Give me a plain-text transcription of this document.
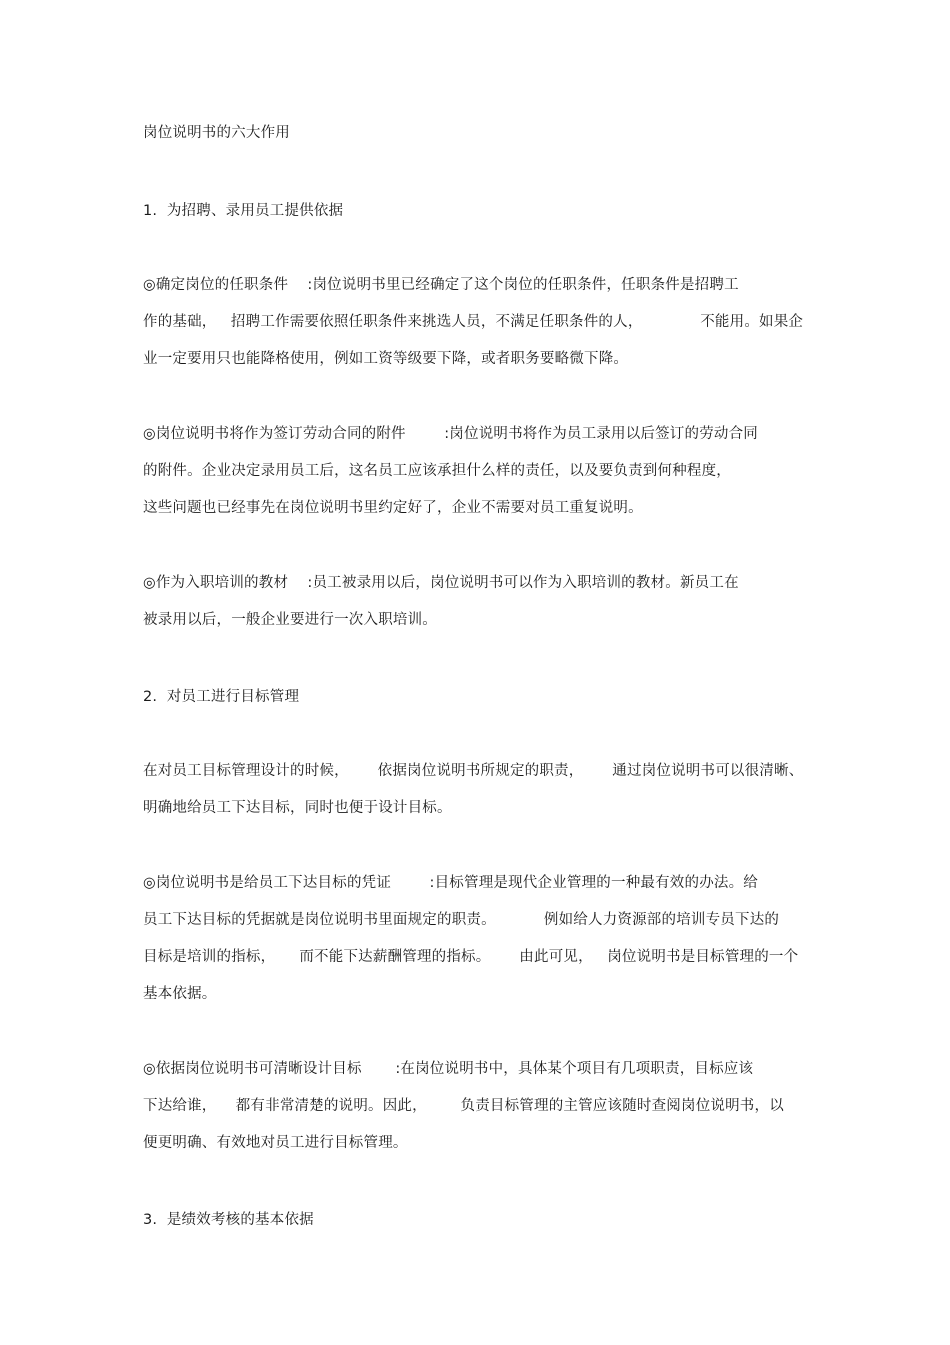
岗位说明书的六大作用
1.  为招聘、录用员工提供依据
◎确定岗位的任职条件    :岗位说明书里已经确定了这个岗位的任职条件，任职条件是招聘工
作的基础，   招聘工作需要依照任职条件来挑选人员，不满足任职条件的人，            不能用。如果企
业一定要用只也能降格使用，例如工资等级要下降，或者职务要略微下降。
◎岗位说明书将作为签订劳动合同的附件        :岗位说明书将作为员工录用以后签订的劳动合同
的附件。企业决定录用员工后，这名员工应该承担什么样的责任，以及要负责到何种程度，
这些问题也已经事先在岗位说明书里约定好了，企业不需要对员工重复说明。
◎作为入职培训的教材    :员工被录用以后，岗位说明书可以作为入职培训的教材。新员工在
被录用以后，一般企业要进行一次入职培训。
2.  对员工进行目标管理
在对员工目标管理设计的时候，      依据岗位说明书所规定的职责，      通过岗位说明书可以很清晰、
明确地给员工下达目标，同时也便于设计目标。
◎岗位说明书是给员工下达目标的凭证        :目标管理是现代企业管理的一种最有效的办法。给
员工下达目标的凭据就是岗位说明书里面规定的职责。          例如给人力资源部的培训专员下达的
目标是培训的指标，     而不能下达薪酬管理的指标。      由此可见，   岗位说明书是目标管理的一个
基本依据。
◎依据岗位说明书可清晰设计目标       :在岗位说明书中，具体某个项目有几项职责，目标应该
下达给谁，    都有非常清楚的说明。因此，       负责目标管理的主管应该随时查阅岗位说明书，以
便更明确、有效地对员工进行目标管理。
3.  是绩效考核的基本依据
